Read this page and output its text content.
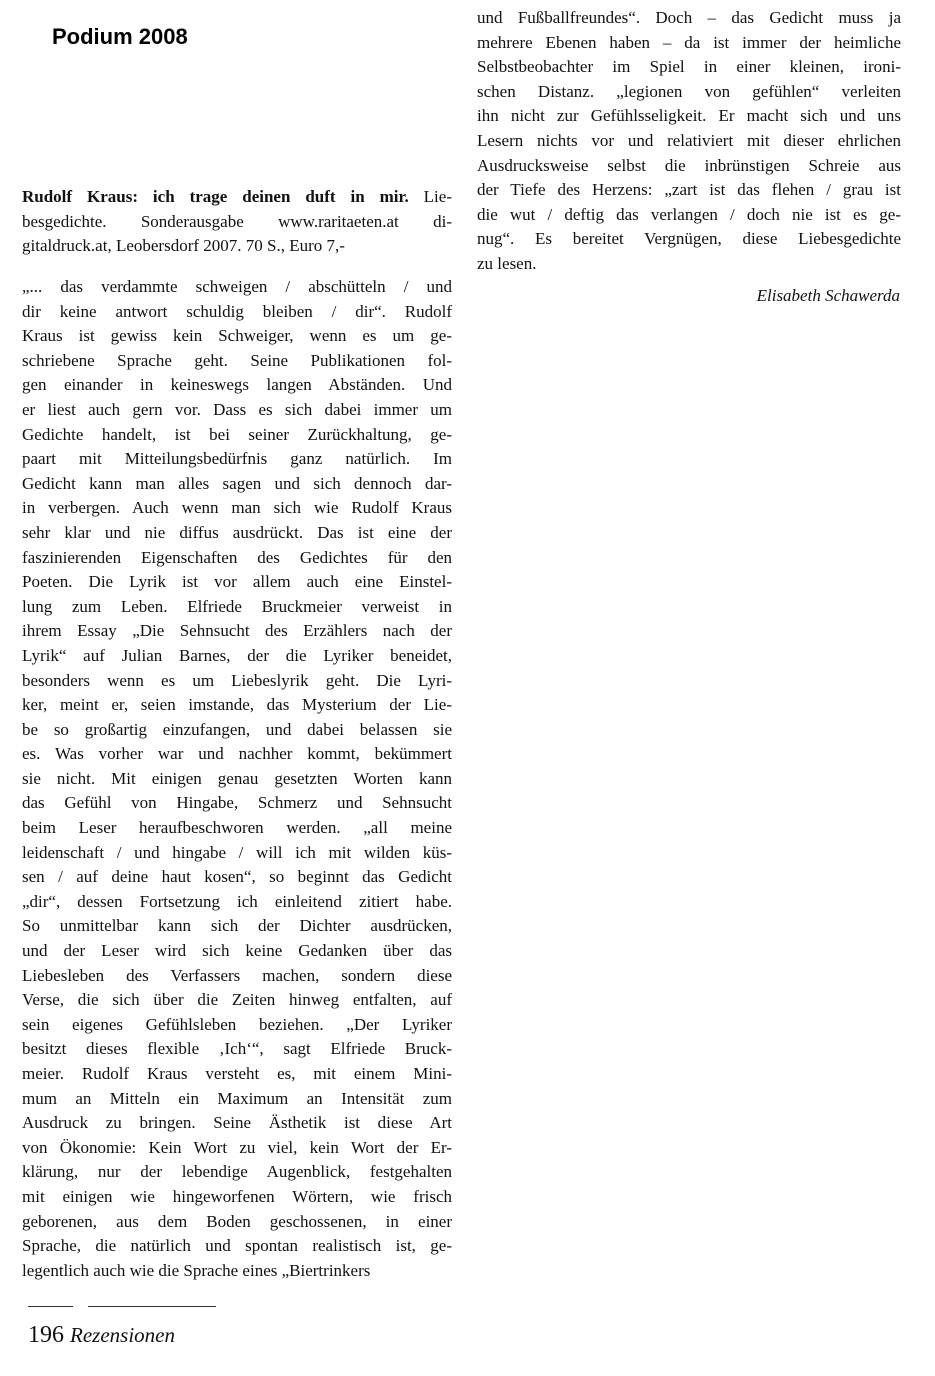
Podium 2008
Rudolf Kraus: ich trage deinen duft in mir. Lie-
besgedichte. Sonderausgabe www.raritaeten.at di-
gitaldruck.at, Leobersdorf 2007. 70 S., Euro 7,-
„... das verdammte schweigen / abschütteln / und
dir keine antwort schuldig bleiben / dir“. Rudolf
Kraus ist gewiss kein Schweiger, wenn es um ge-
schriebene Sprache geht. Seine Publikationen fol-
gen einander in keineswegs langen Abständen. Und
er liest auch gern vor. Dass es sich dabei immer um
Gedichte handelt, ist bei seiner Zurückhaltung, ge-
paart mit Mitteilungsbedürfnis ganz natürlich. Im
Gedicht kann man alles sagen und sich dennoch dar-
in verbergen. Auch wenn man sich wie Rudolf Kraus
sehr klar und nie diffus ausdrückt. Das ist eine der
faszinierenden Eigenschaften des Gedichtes für den
Poeten. Die Lyrik ist vor allem auch eine Einstel-
lung zum Leben. Elfriede Bruckmeier verweist in
ihrem Essay „Die Sehnsucht des Erzählers nach der
Lyrik“ auf Julian Barnes, der die Lyriker beneidet,
besonders wenn es um Liebeslyrik geht. Die Lyri-
ker, meint er, seien imstande, das Mysterium der Lie-
be so großartig einzufangen, und dabei belassen sie
es. Was vorher war und nachher kommt, bekümmert
sie nicht. Mit einigen genau gesetzten Worten kann
das Gefühl von Hingabe, Schmerz und Sehnsucht
beim Leser heraufbeschworen werden. „all meine
leidenschaft / und hingabe / will ich mit wilden küs-
sen / auf deine haut kosen“, so beginnt das Gedicht
„dir“, dessen Fortsetzung ich einleitend zitiert habe.
So unmittelbar kann sich der Dichter ausdrücken,
und der Leser wird sich keine Gedanken über das
Liebesleben des Verfassers machen, sondern diese
Verse, die sich über die Zeiten hinweg entfalten, auf
sein eigenes Gefühlsleben beziehen. „Der Lyriker
besitzt dieses flexible ‚Ich‘“, sagt Elfriede Bruck-
meier. Rudolf Kraus versteht es, mit einem Mini-
mum an Mitteln ein Maximum an Intensität zum
Ausdruck zu bringen. Seine Ästhetik ist diese Art
von Ökonomie: Kein Wort zu viel, kein Wort der Er-
klärung, nur der lebendige Augenblick, festgehalten
mit einigen wie hingeworfenen Wörtern, wie frisch
geborenen, aus dem Boden geschossenen, in einer
Sprache, die natürlich und spontan realistisch ist, ge-
legentlich auch wie die Sprache eines „Biertrinkers
und Fußballfreundes“. Doch – das Gedicht muss ja
mehrere Ebenen haben – da ist immer der heimliche
Selbstbeobachter im Spiel in einer kleinen, ironi-
schen Distanz. „legionen von gefühlen“ verleiten
ihn nicht zur Gefühlsseligkeit. Er macht sich und uns
Lesern nichts vor und relativiert mit dieser ehrlichen
Ausdrucksweise selbst die inbrünstigen Schreie aus
der Tiefe des Herzens: „zart ist das flehen / grau ist
die wut / deftig das verlangen / doch nie ist es ge-
nug“. Es bereitet Vergnügen, diese Liebesgedichte
zu lesen.
Elisabeth Schawerda
196 Rezensionen
